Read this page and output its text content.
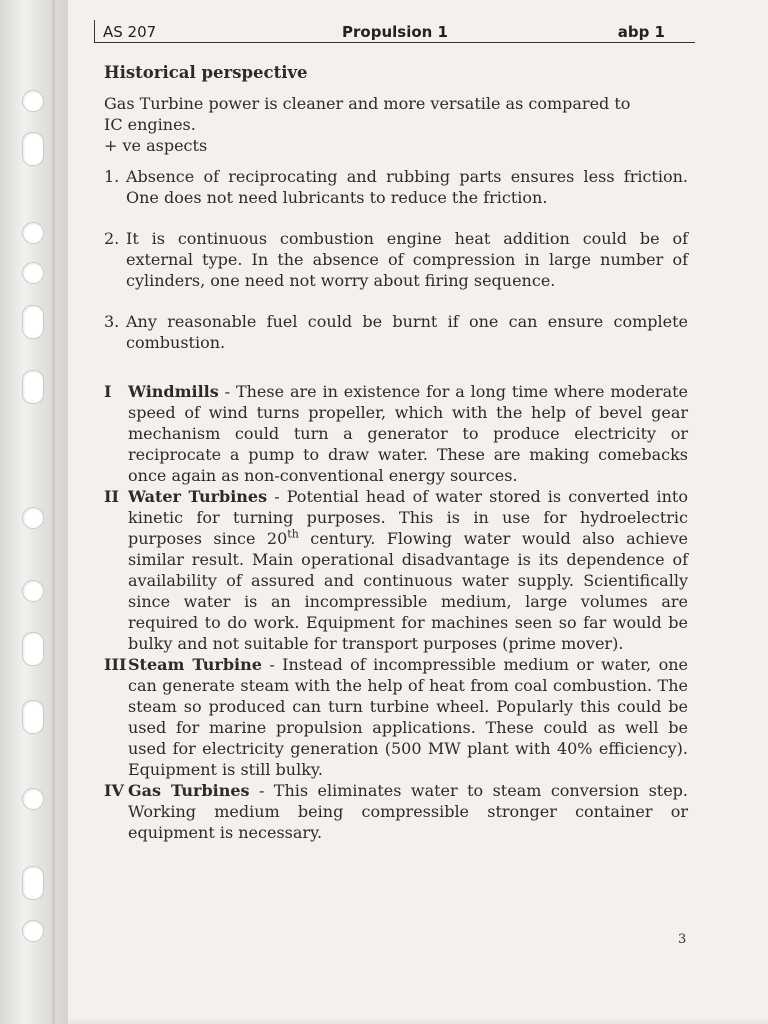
AS 207	Propulsion 1	abp 1

Historical perspective

Gas Turbine power is cleaner and more versatile as compared to

IC engines.

+ ve aspects

1. Absence of reciprocating and rubbing parts ensures less friction. One does not need lubricants to reduce the friction.
2. It is continuous combustion engine heat addition could be of external type. In the absence of compression in large number of cylinders, one need not worry about firing sequence.
3. Any reasonable fuel could be burnt if one can ensure complete combustion.
I	Windmills - These are in existence for a long time where moderate speed of wind turns propeller, which with the help of bevel gear mechanism could turn a generator to produce electricity or reciprocate a pump to draw water. These are making comebacks once again as non-conventional energy sources.
II Water Turbines - Potential head of water stored is converted into kinetic for turning purposes. This is in use for hydroelectric purposes since 20th century. Flowing water would also achieve similar result. Main operational disadvantage is its dependence of availability of assured and continuous water supply. Scientifically since water is an incompressible medium, large volumes are required to do work. Equipment for machines seen so far would be bulky and not suitable for transport purposes (prime mover).
III Steam Turbine - Instead of incompressible medium or water, one can generate steam with the help of heat from coal combustion. The steam so produced can turn turbine wheel. Popularly this could be used for marine propulsion applications. These could as well be used for electricity generation (500 MW plant with 40% efficiency). Equipment is still bulky.
IV Gas Turbines - This eliminates water to steam conversion step. Working medium being compressible stronger container or equipment is necessary.
3
